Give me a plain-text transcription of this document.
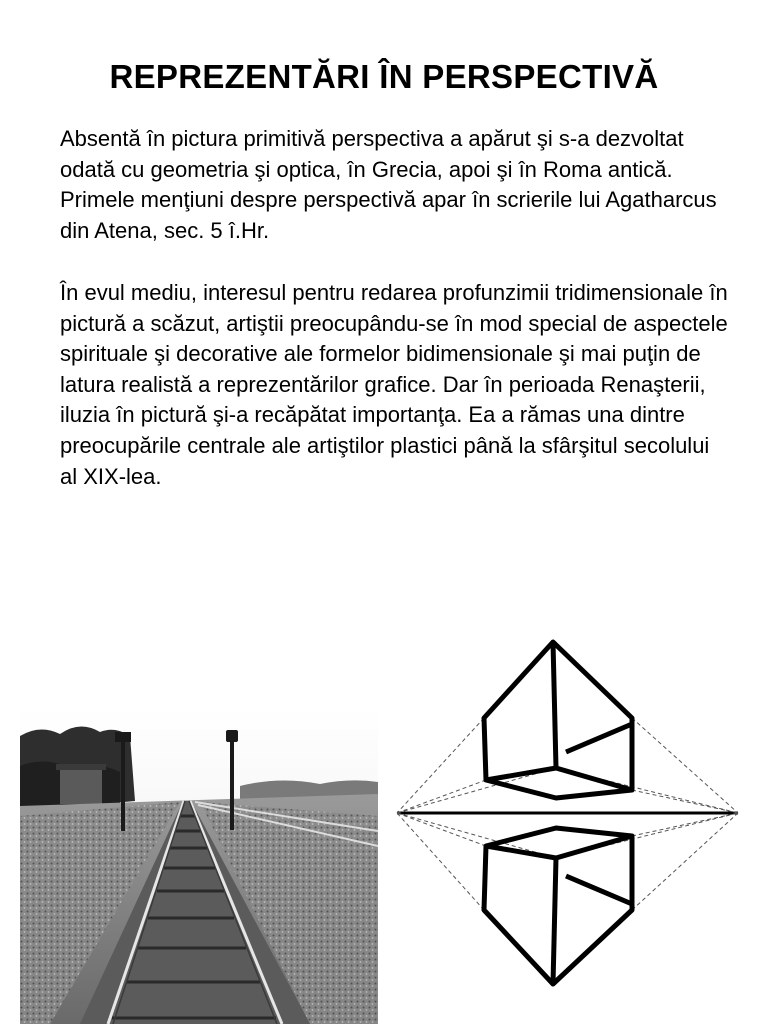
REPREZENTĂRI ÎN PERSPECTIVĂ

Absentă în pictura primitivă perspectiva a apărut şi s-a dezvoltat odată cu geometria şi optica, în Grecia, apoi şi în Roma antică. Primele menţiuni despre perspectivă apar în scrierile lui Agatharcus din Atena, sec. 5 î.Hr.

În evul mediu, interesul pentru redarea profunzimii tridimensionale în pictură a scăzut, artiştii preocupându-se în mod special de aspectele spirituale şi decorative ale formelor bidimensionale şi mai puţin de latura realistă a reprezentărilor grafice. Dar în perioada Renaşterii, iluzia în pictură şi-a recăpătat importanţa. Ea a rămas una dintre preocupările centrale ale artiştilor plastici până la sfârşitul secolului al XIX-lea.
